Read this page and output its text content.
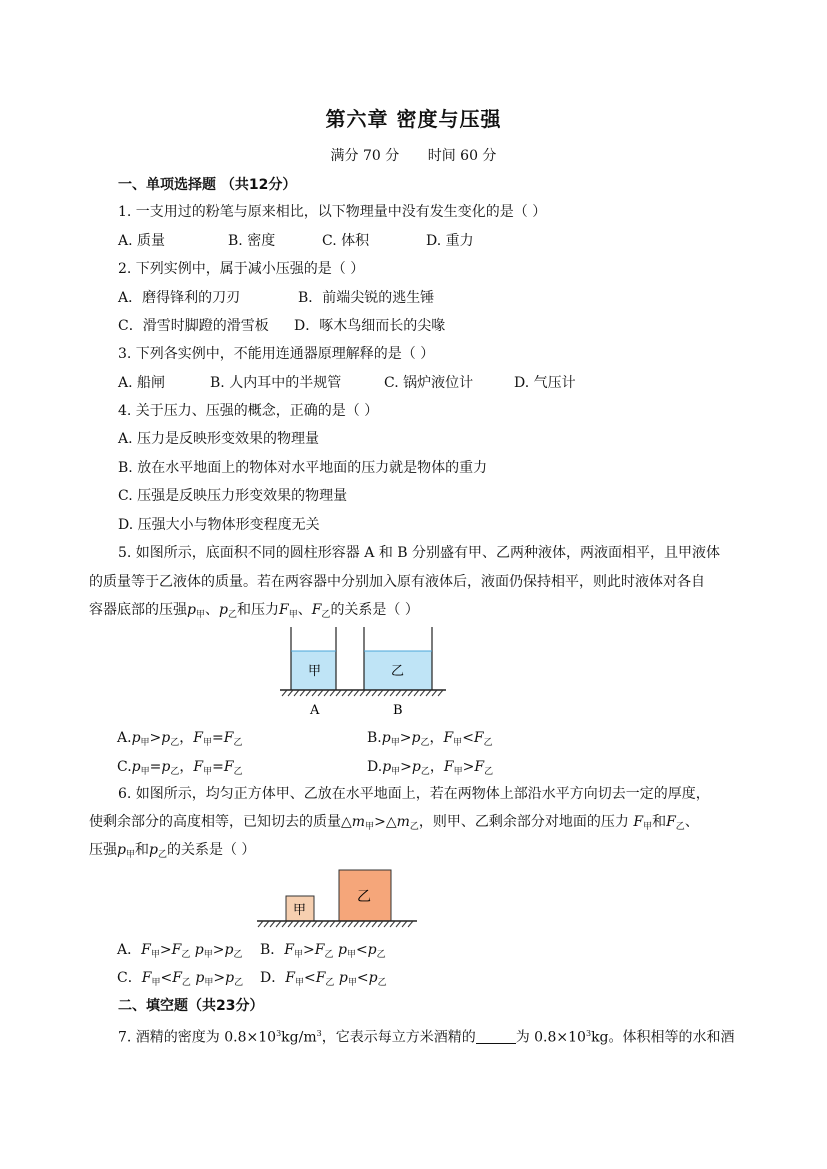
第六章 密度与压强
满分 70 分 时间 60 分
一、单项选择题 （共12分）
1. 一支用过的粉笔与原来相比，以下物理量中没有发生变化的是（ ）
A. 质量	B. 密度	C. 体积	D. 重力
2. 下列实例中，属于减小压强的是（ ）
A．磨得锋利的刀刃	B．前端尖锐的逃生锤
C．滑雪时脚蹬的滑雪板 D．啄木鸟细而长的尖喙
3. 下列各实例中，不能用连通器原理解释的是（ ）
A. 船闸	B. 人内耳中的半规管	C. 锅炉液位计	D. 气压计
4. 关于压力、压强的概念，正确的是（ ）
A. 压力是反映形变效果的物理量
B. 放在水平地面上的物体对水平地面的压力就是物体的重力
C. 压强是反映压力形变效果的物理量
D. 压强大小与物体形变程度无关
5. 如图所示，底面积不同的圆柱形容器 A 和 B 分别盛有甲、乙两种液体，两液面相平，且甲液体
的质量等于乙液体的质量。若在两容器中分别加入原有液体后，液面仍保持相平，则此时液体对各自
容器底部的压强$p_甲$、$p_乙$和压力$F_甲$、$F_乙$的关系是（ ）
甲	乙
A	B
$A.p_甲>p_乙$，$F_甲=F_乙$	$B.p_甲>p_乙$，$F_甲<F_乙$
$C.p_甲=p_乙$，$F_甲=F_乙$	$D.p_甲>p_乙$，$F_甲>F_乙$
6. 如图所示，均匀正方体甲、乙放在水平地面上，若在两物体上部沿水平方向切去一定的厚度，
使剩余部分的高度相等，已知切去的质量$\triangle m_甲>\triangle m_乙$，则甲、乙剩余部分对地面的压力 $F_甲$和$F_乙$、
压强$p_甲$和$p_乙$的关系是（ ）
甲
乙
A．$F_甲>F_乙$ $p_甲>p_乙$ B．$F_甲>F_乙$ $p_甲<p_乙$
C．$F_甲<F_乙$ $p_甲>p_乙$ D．$F_甲<F_乙$ $p_甲<p_乙$
二、填空题（共23分）
7. 酒精的密度为 $0.8\times 10^3kg/m^3$，它表示每立方米酒精的	为 $0.8\times 10^3kg$。体积相等的水和酒
